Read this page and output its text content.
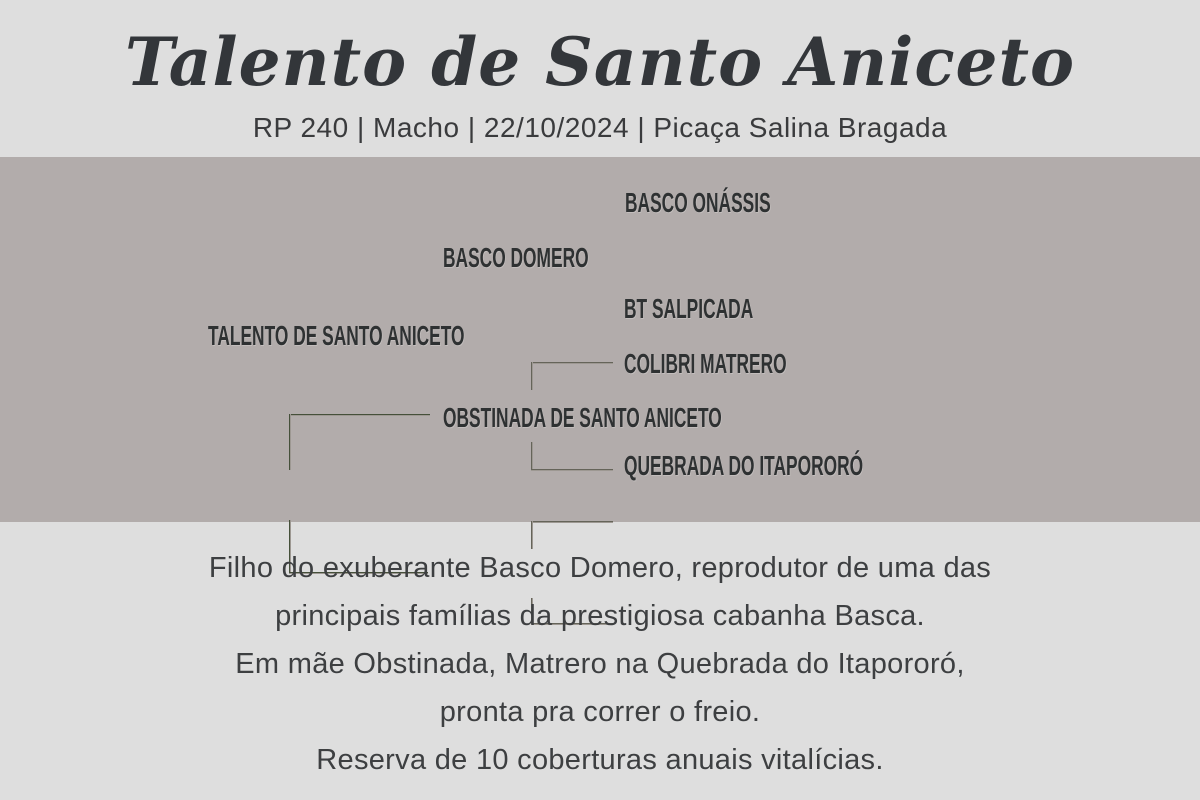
Talento de Santo Aniceto
RP 240 | Macho | 22/10/2024 | Picaça Salina Bragada
TALENTO DE SANTO ANICETO
BASCO DOMERO
BASCO ONÁSSIS
BT SALPICADA
OBSTINADA DE SANTO ANICETO
COLIBRI MATRERO
QUEBRADA DO ITAPORORÓ
Filho do exuberante Basco Domero, reprodutor de uma das
principais famílias da prestigiosa cabanha Basca.
Em mãe Obstinada, Matrero na Quebrada do Itapororó,
pronta pra correr o freio.
Reserva de 10 coberturas anuais vitalícias.
